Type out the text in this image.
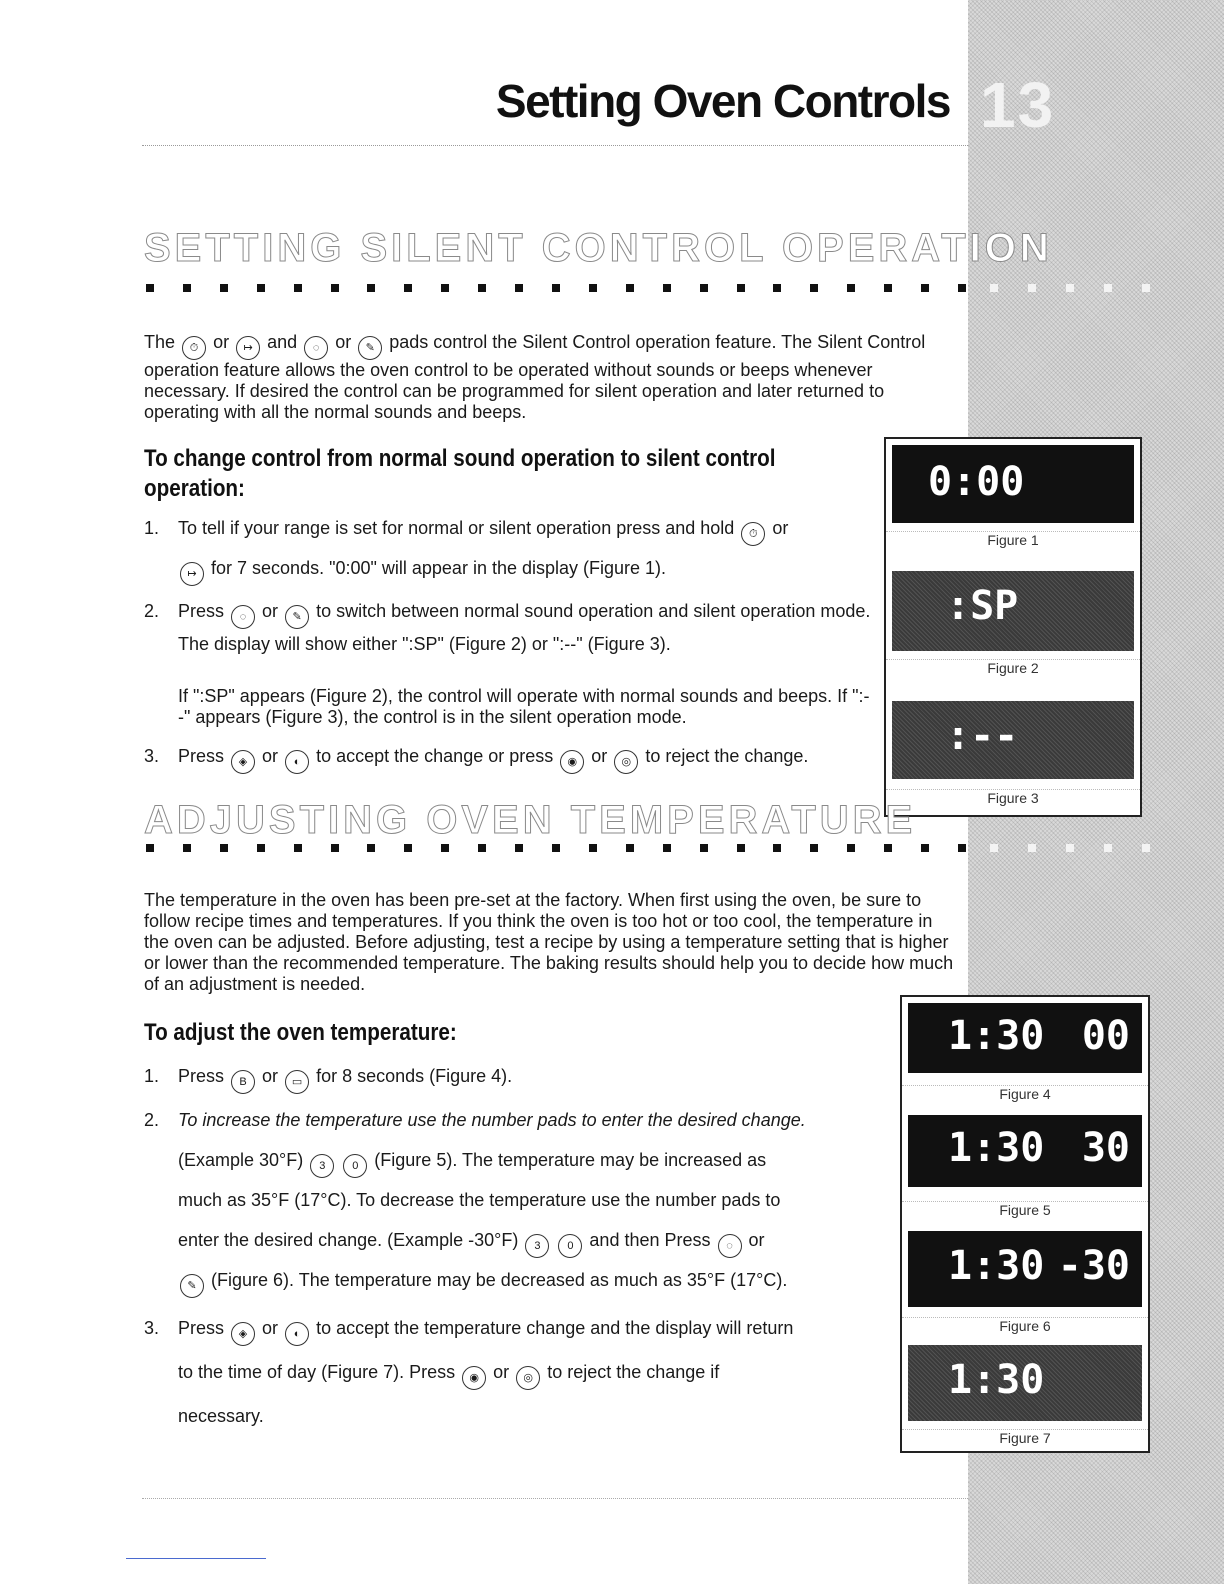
13
Setting Oven Controls
SETTING SILENT CONTROL OPERATION
The ⏱ or ↦ and ◌ or ✎ pads control the Silent Control operation feature. The Silent Control operation feature allows the oven control to be operated without sounds or beeps whenever necessary. If desired the control can be programmed for silent operation and later returned to operating with all the normal sounds and beeps.
To change control from normal sound operation to silent control operation:
1. To tell if your range is set for normal or silent operation press and hold ⏱ or
↦ for 7 seconds. "0:00" will appear in the display (Figure 1).
2. Press ◌ or ✎ to switch between normal sound operation and silent operation mode. The display will show either ":SP" (Figure 2) or ":--" (Figure 3).
If ":SP" appears (Figure 2), the control will operate with normal sounds and beeps. If ":- -" appears (Figure 3), the control is in the silent operation mode.
3. Press ◈ or ◐ to accept the change or press ◉ or ◎ to reject the change.
0:00
Figure 1
:SP
Figure 2
:--
Figure 3
ADJUSTING OVEN TEMPERATURE
The temperature in the oven has been pre-set at the factory. When first using the oven, be sure to follow recipe times and temperatures. If you think the oven is too hot or too cool, the temperature in the oven can be adjusted. Before adjusting, test a recipe by using a temperature setting that is higher or lower than the recommended temperature. The baking results should help you to decide how much of an adjustment is needed.
To adjust the oven temperature:
1. Press B or ▭ for 8 seconds (Figure 4).
2. To increase the temperature use the number pads to enter the desired change.
(Example 30°F) 3 0 (Figure 5). The temperature may be increased as
much as 35°F (17°C). To decrease the temperature use the number pads to
enter the desired change. (Example -30°F) 3 0 and then Press ◌ or
✎ (Figure 6). The temperature may be decreased as much as 35°F (17°C).
3. Press ◈ or ◐ to accept the temperature change and the display will return
to the time of day (Figure 7). Press ◉ or ◎ to reject the change if
necessary.
1:30 00
Figure 4
1:30 30
Figure 5
1:30 -30
Figure 6
1:30
Figure 7
